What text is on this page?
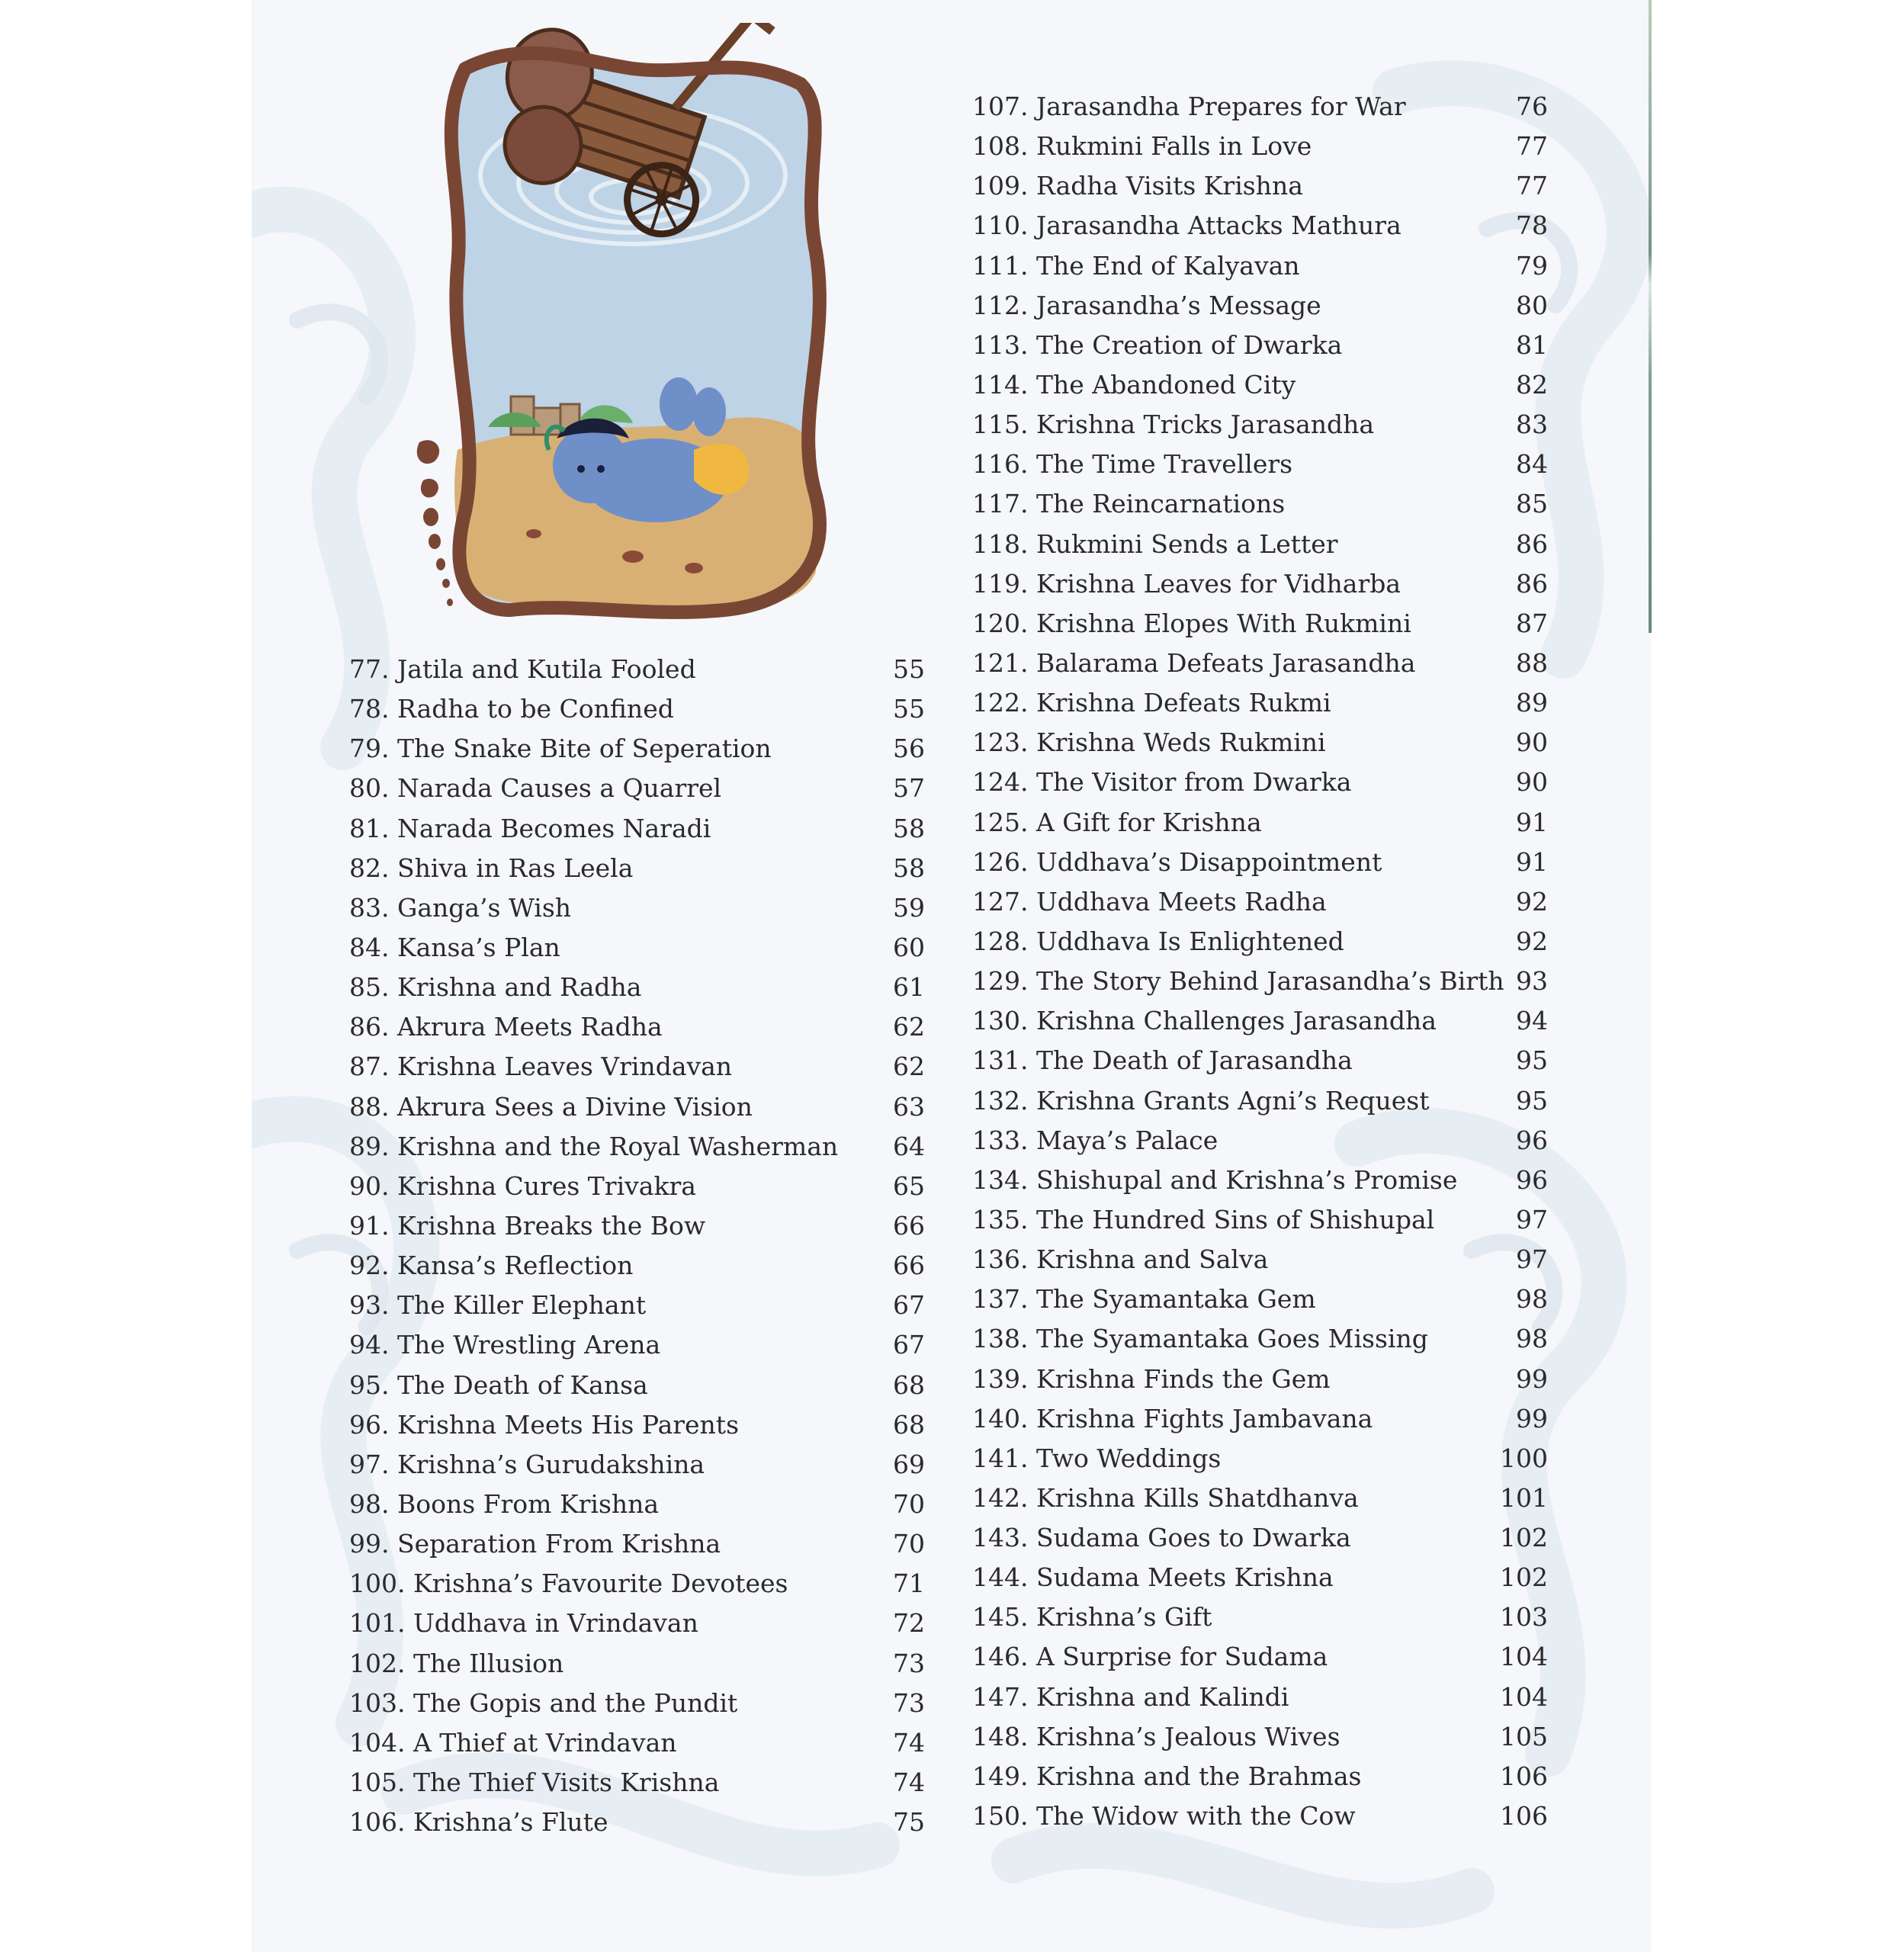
77. Jatila and Kutila Fooled	55
78. Radha to be Confined	55
79. The Snake Bite of Seperation	56
80. Narada Causes a Quarrel	57
81. Narada Becomes Naradi	58
82. Shiva in Ras Leela	58
83. Ganga’s Wish	59
84. Kansa’s Plan	60
85. Krishna and Radha	61
86. Akrura Meets Radha	62
87. Krishna Leaves Vrindavan	62
88. Akrura Sees a Divine Vision	63
89. Krishna and the Royal Washerman 64
90. Krishna Cures Trivakra	65
91. Krishna Breaks the Bow	66
92. Kansa’s Reflection	66
93. The Killer Elephant	67
94. The Wrestling Arena	67
95. The Death of Kansa	68
96. Krishna Meets His Parents	68
97. Krishna’s Gurudakshina	69
98. Boons From Krishna	70
99. Separation From Krishna	70
100. Krishna’s Favourite Devotees	71
101. Uddhava in Vrindavan	72
102. The Illusion	73
103. The Gopis and the Pundit	73
104. A Thief at Vrindavan	74
105. The Thief Visits Krishna	74
106. Krishna’s Flute	75
107. Jarasandha Prepares for War	76
108. Rukmini Falls in Love	77
109. Radha Visits Krishna	77
110. Jarasandha Attacks Mathura	78
111. The End of Kalyavan	79
112. Jarasandha’s Message	80
113. The Creation of Dwarka	81
114. The Abandoned City	82
115. Krishna Tricks Jarasandha	83
116. The Time Travellers	84
117. The Reincarnations	85
118. Rukmini Sends a Letter	86
119. Krishna Leaves for Vidharba	86
120. Krishna Elopes With Rukmini	87
121. Balarama Defeats Jarasandha	88
122. Krishna Defeats Rukmi	89
123. Krishna Weds Rukmini	90
124. The Visitor from Dwarka	90
125. A Gift for Krishna	91
126. Uddhava’s Disappointment	91
127. Uddhava Meets Radha	92
128. Uddhava Is Enlightened	92
129. The Story Behind Jarasandha’s Birth 93
130. Krishna Challenges Jarasandha	94
131. The Death of Jarasandha	95
132. Krishna Grants Agni’s Request	95
133. Maya’s Palace	96
134. Shishupal and Krishna’s Promise 96
135. The Hundred Sins of Shishupal	97
136. Krishna and Salva	97
137. The Syamantaka Gem	98
138. The Syamantaka Goes Missing	98
139. Krishna Finds the Gem	99
140. Krishna Fights Jambavana	99
141. Two Weddings	100
142. Krishna Kills Shatdhanva	101
143. Sudama Goes to Dwarka	102
144. Sudama Meets Krishna	102
145. Krishna’s Gift	103
146. A Surprise for Sudama	104
147. Krishna and Kalindi	104
148. Krishna’s Jealous Wives	105
149. Krishna and the Brahmas	106
150. The Widow with the Cow	106
